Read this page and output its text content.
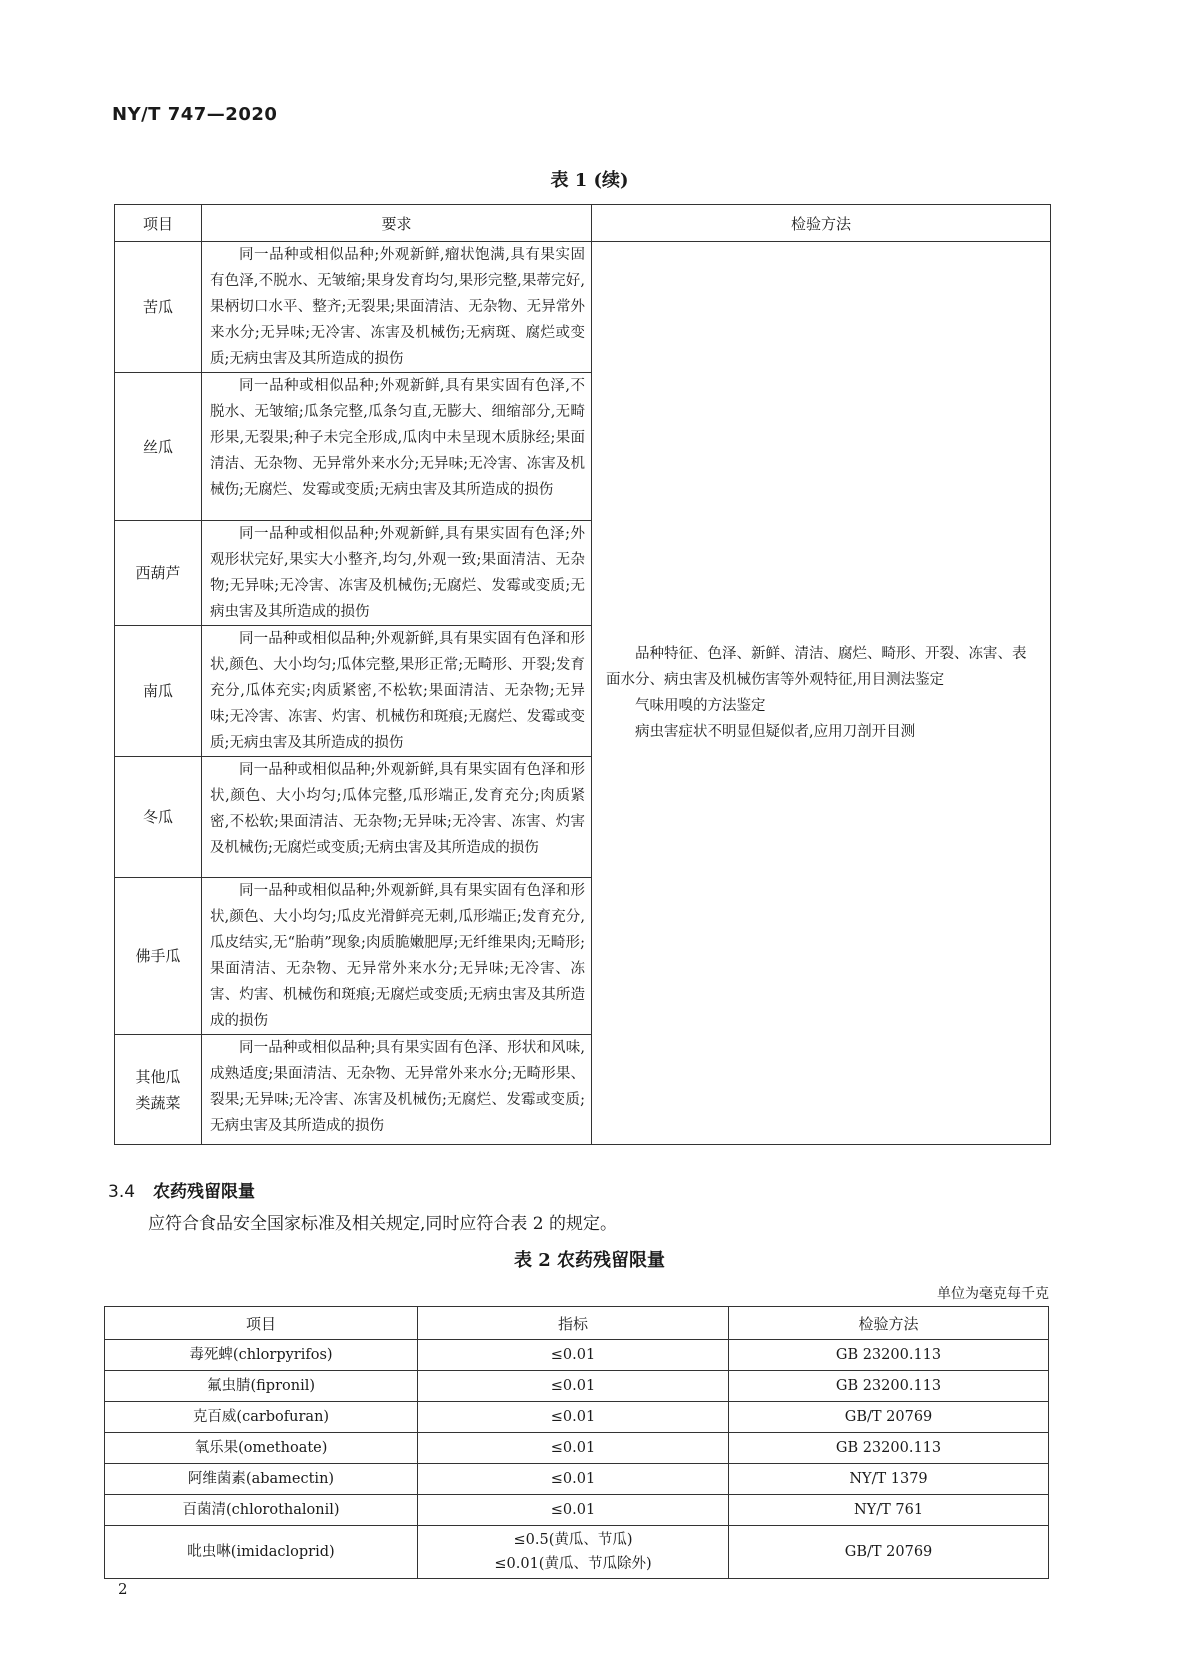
NY/T 747—2020
表 1 (续)
项目	要求	检验方法
苦瓜	同一品种或相似品种;外观新鲜,瘤状饱满,具有果实固有色泽,不脱水、无皱缩;果身发育均匀,果形完整,果蒂完好,果柄切口水平、整齐;无裂果;果面清洁、无杂物、无异常外来水分;无异味;无冷害、冻害及机械伤;无病斑、腐烂或变质;无病虫害及其所造成的损伤	品种特征、色泽、新鲜、清洁、腐烂、畸形、开裂、冻害、表面水分、病虫害及机械伤害等外观特征,用目测法鉴定

气味用嗅的方法鉴定

病虫害症状不明显但疑似者,应用刀剖开目测

丝瓜	同一品种或相似品种;外观新鲜,具有果实固有色泽,不脱水、无皱缩;瓜条完整,瓜条匀直,无膨大、细缩部分,无畸形果,无裂果;种子未完全形成,瓜肉中未呈现木质脉经;果面清洁、无杂物、无异常外来水分;无异味;无冷害、冻害及机械伤;无腐烂、发霉或变质;无病虫害及其所造成的损伤	
西葫芦	同一品种或相似品种;外观新鲜,具有果实固有色泽;外观形状完好,果实大小整齐,均匀,外观一致;果面清洁、无杂物;无异味;无冷害、冻害及机械伤;无腐烂、发霉或变质;无病虫害及其所造成的损伤	
南瓜	同一品种或相似品种;外观新鲜,具有果实固有色泽和形状,颜色、大小均匀;瓜体完整,果形正常;无畸形、开裂;发育充分,瓜体充实;肉质紧密,不松软;果面清洁、无杂物;无异味;无冷害、冻害、灼害、机械伤和斑痕;无腐烂、发霉或变质;无病虫害及其所造成的损伤	
冬瓜	同一品种或相似品种;外观新鲜,具有果实固有色泽和形状,颜色、大小均匀;瓜体完整,瓜形端正,发育充分;肉质紧密,不松软;果面清洁、无杂物;无异味;无冷害、冻害、灼害及机械伤;无腐烂或变质;无病虫害及其所造成的损伤	
佛手瓜	同一品种或相似品种;外观新鲜,具有果实固有色泽和形状,颜色、大小均匀;瓜皮光滑鲜亮无刺,瓜形端正;发育充分,瓜皮结实,无“胎萌”现象;肉质脆嫩肥厚;无纤维果肉;无畸形;果面清洁、无杂物、无异常外来水分;无异味;无冷害、冻害、灼害、机械伤和斑痕;无腐烂或变质;无病虫害及其所造成的损伤	
其他瓜类蔬菜	同一品种或相似品种;具有果实固有色泽、形状和风味,成熟适度;果面清洁、无杂物、无异常外来水分;无畸形果、裂果;无异味;无冷害、冻害及机械伤;无腐烂、发霉或变质;无病虫害及其所造成的损伤	
3.4 农药残留限量
应符合食品安全国家标准及相关规定,同时应符合表 2 的规定。
表 2 农药残留限量
单位为毫克每千克
项目	指标	检验方法
毒死蜱(chlorpyrifos)	≤0.01	GB 23200.113
氟虫腈(fipronil)	≤0.01	GB 23200.113
克百威(carbofuran)	≤0.01	GB/T 20769
氧乐果(omethoate)	≤0.01	GB 23200.113
阿维菌素(abamectin)	≤0.01	NY/T 1379
百菌清(chlorothalonil)	≤0.01	NY/T 761
吡虫啉(imidacloprid)	≤0.5(黄瓜、节瓜)
≤0.01(黄瓜、节瓜除外)	GB/T 20769
2
